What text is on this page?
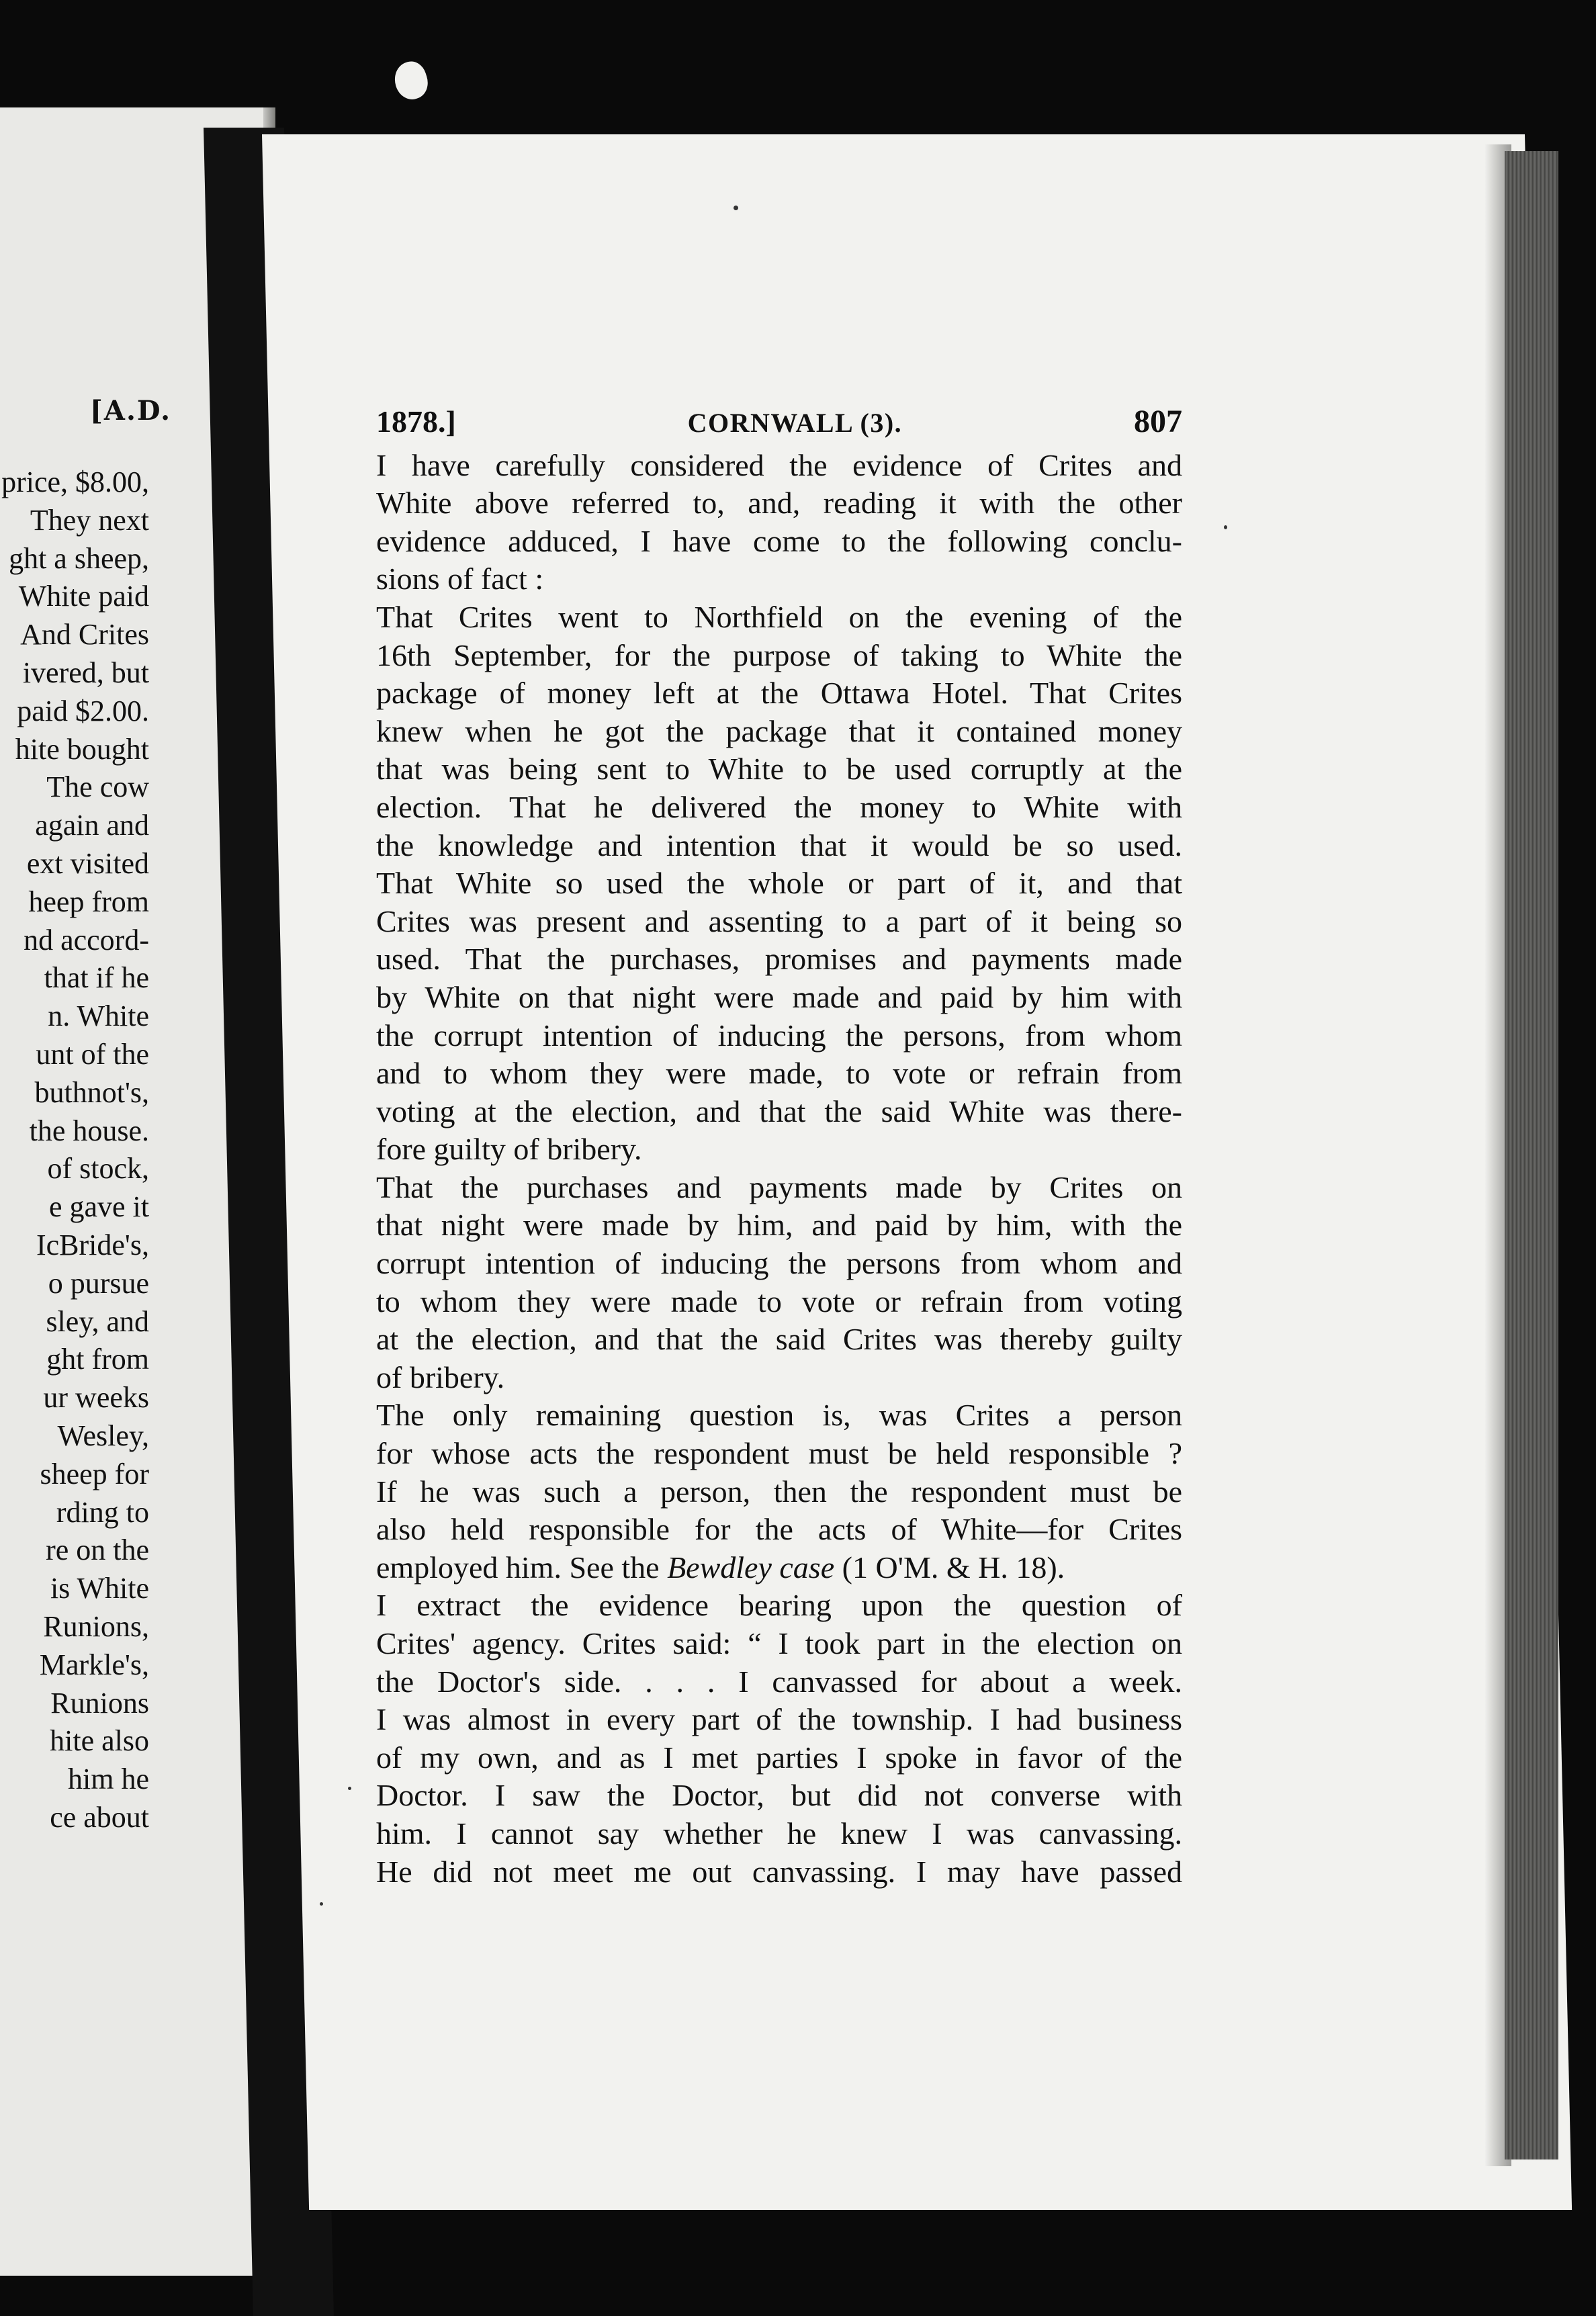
[A.D.
price, $8.00,
They next
ght a sheep,
White paid
And Crites
ivered, but
paid $2.00.
hite bought
The cow
again and
ext visited
heep from
nd accord-
that if he
n. White
unt of the
buthnot's,
the house.
of stock,
e gave it
IcBride's,
o pursue
sley, and
ght from
ur weeks
Wesley,
sheep for
rding to
re on the
is White
Runions,
Markle's,
Runions
hite also
him he
ce about
1878.]	CORNWALL (3).	807
I have carefully considered the evidence of Crites and
White above referred to, and, reading it with the other
evidence adduced, I have come to the following conclu-
sions of fact :
That Crites went to Northfield on the evening of the
16th September, for the purpose of taking to White the
package of money left at the Ottawa Hotel. That Crites
knew when he got the package that it contained money
that was being sent to White to be used corruptly at the
election. That he delivered the money to White with
the knowledge and intention that it would be so used.
That White so used the whole or part of it, and that
Crites was present and assenting to a part of it being so
used. That the purchases, promises and payments made
by White on that night were made and paid by him with
the corrupt intention of inducing the persons, from whom
and to whom they were made, to vote or refrain from
voting at the election, and that the said White was there-
fore guilty of bribery.
That the purchases and payments made by Crites on
that night were made by him, and paid by him, with the
corrupt intention of inducing the persons from whom and
to whom they were made to vote or refrain from voting
at the election, and that the said Crites was thereby guilty
of bribery.
The only remaining question is, was Crites a person
for whose acts the respondent must be held responsible ?
If he was such a person, then the respondent must be
also held responsible for the acts of White—for Crites
employed him. See the Bewdley case (1 O'M. & H. 18).
I extract the evidence bearing upon the question of
Crites' agency. Crites said: “ I took part in the election on
the Doctor's side. . . . I canvassed for about a week.
I was almost in every part of the township. I had business
of my own, and as I met parties I spoke in favor of the
Doctor. I saw the Doctor, but did not converse with
him. I cannot say whether he knew I was canvassing.
He did not meet me out canvassing. I may have passed
